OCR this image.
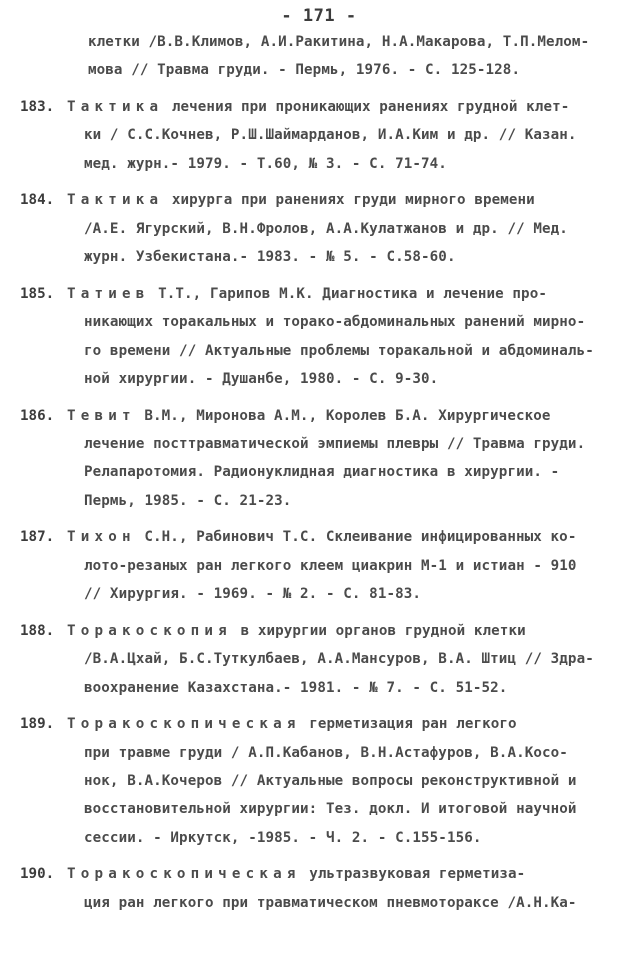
- 171 -
клетки /В.В.Климов, А.И.Ракитина, Н.А.Макарова, Т.П.Мелом-
мова // Травма груди. - Пермь, 1976. - С. 125-128.
183. Тактика лечения при проникающих ранениях грудной клет-
ки / С.С.Кочнев, Р.Ш.Шаймарданов, И.А.Ким и др. // Казан.
мед. журн.- 1979. - Т.60, № 3. - С. 71-74.
184. Тактика хирурга при ранениях груди мирного времени
/А.Е. Ягурский, В.Н.Фролов, А.А.Кулатжанов и др. // Мед.
журн. Узбекистана.- 1983. - № 5. - С.58-60.
185. Татиев Т.Т., Гарипов М.К. Диагностика и лечение про-
никающих торакальных и торако-абдоминальных ранений мирно-
го времени // Актуальные проблемы торакальной и абдоминаль-
ной хирургии. - Душанбе, 1980. - С. 9-30.
186. Тевит В.М., Миронова А.М., Королев Б.А. Хирургическое
лечение посттравматической эмпиемы плевры // Травма груди.
Релапаротомия. Радионуклидная диагностика в хирургии. -
Пермь, 1985. - С. 21-23.
187. Тихон С.Н., Рабинович Т.С. Склеивание инфицированных ко-
лото-резаных ран легкого клеем циакрин М-1 и истиан - 910
// Хирургия. - 1969. - № 2. - С. 81-83.
188. Торакоскопия в хирургии органов грудной клетки
/В.А.Цхай, Б.С.Туткулбаев, А.А.Мансуров, В.А. Штиц // Здра-
воохранение Казахстана.- 1981. - № 7. - С. 51-52.
189. Торакоскопическая герметизация ран легкого
при травме груди / А.П.Кабанов, В.Н.Астафуров, В.А.Косо-
нок, В.А.Кочеров // Актуальные вопросы реконструктивной и
восстановительной хирургии: Тез. докл. И итоговой научной
сессии. - Иркутск, -1985. - Ч. 2. - С.155-156.
190. Торакоскопическая ультразвуковая герметиза-
ция ран легкого при травматическом пневмотораксе /А.Н.Ка-
